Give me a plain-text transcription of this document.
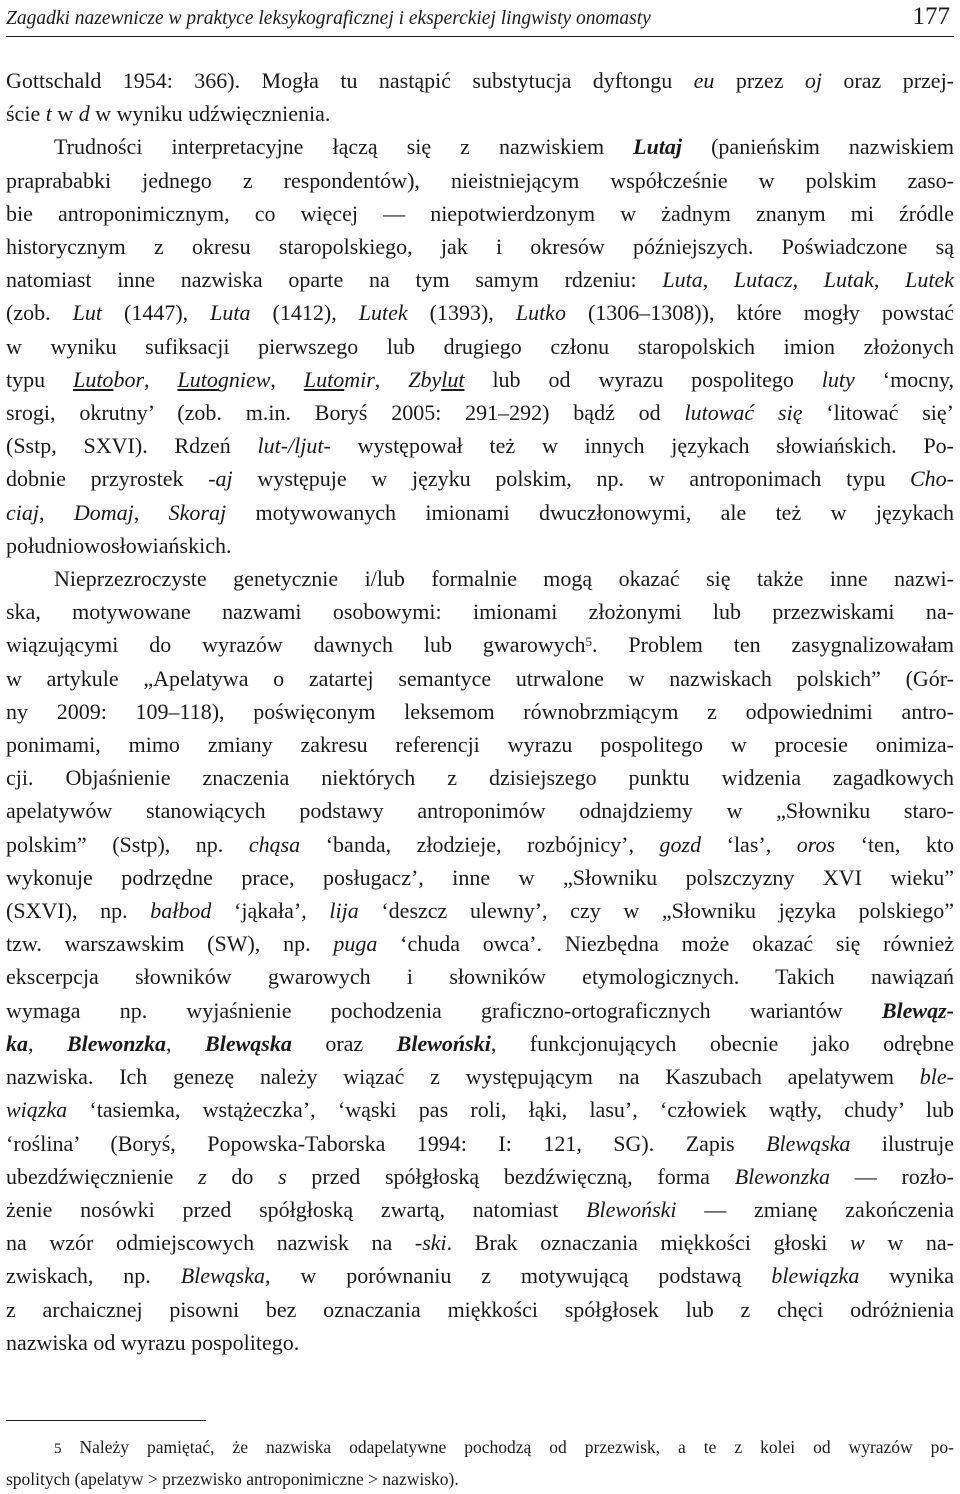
Zagadki nazewnicze w praktyce leksykograficznej i eksperckiej lingwisty onomasty	177
Gottschald 1954: 366). Mogła tu nastąpić substytucja dyftongu eu przez oj oraz przej-
ście t w d w wyniku udźwięcznienia.
Trudności interpretacyjne łączą się z nazwiskiem Lutaj (panieńskim nazwiskiem
praprababki jednego z respondentów), nieistniejącym współcześnie w polskim zaso-
bie antroponimicznym, co więcej — niepotwierdzonym w żadnym znanym mi źródle
historycznym z okresu staropolskiego, jak i okresów późniejszych. Poświadczone są
natomiast inne nazwiska oparte na tym samym rdzeniu: Luta, Lutacz, Lutak, Lutek
(zob. Lut (1447), Luta (1412), Lutek (1393), Lutko (1306–1308)), które mogły powstać
w wyniku sufiksacji pierwszego lub drugiego członu staropolskich imion złożonych
typu Lutobor, Lutogniew, Lutomir, Zbylut lub od wyrazu pospolitego luty ‘mocny,
srogi, okrutny’ (zob. m.in. Boryś 2005: 291–292) bądź od lutować się ‘litować się’
(Sstp, SXVI). Rdzeń lut-/ljut- występował też w innych językach słowiańskich. Po-
dobnie przyrostek -aj występuje w języku polskim, np. w antroponimach typu Cho-
ciaj, Domaj, Skoraj motywowanych imionami dwuczłonowymi, ale też w językach
południowosłowiańskich.
Nieprzezroczyste genetycznie i/lub formalnie mogą okazać się także inne nazwi-
ska, motywowane nazwami osobowymi: imionami złożonymi lub przezwiskami na-
wiązującymi do wyrazów dawnych lub gwarowych$^5$. Problem ten zasygnalizowałam
w artykule „Apelatywa o zatartej semantyce utrwalone w nazwiskach polskich” (Gór-
ny 2009: 109–118), poświęconym leksemom równobrzmiącym z odpowiednimi antro-
ponimami, mimo zmiany zakresu referencji wyrazu pospolitego w procesie onimiza-
cji. Objaśnienie znaczenia niektórych z dzisiejszego punktu widzenia zagadkowych
apelatywów stanowiących podstawy antroponimów odnajdziemy w „Słowniku staro-
polskim” (Sstp), np. chąsa ‘banda, złodzieje, rozbójnicy’, gozd ‘las’, oros ‘ten, kto
wykonuje podrzędne prace, posługacz’, inne w „Słowniku polszczyzny XVI wieku”
(SXVI), np. bałbod ‘jąkała’, lija ‘deszcz ulewny’, czy w „Słowniku języka polskiego”
tzw. warszawskim (SW), np. puga ‘chuda owca’. Niezbędna może okazać się również
ekscerpcja słowników gwarowych i słowników etymologicznych. Takich nawiązań
wymaga np. wyjaśnienie pochodzenia graficzno-ortograficznych wariantów Blewąz-
ka, Blewonzka, Blewąska oraz Blewoński, funkcjonujących obecnie jako odrębne
nazwiska. Ich genezę należy wiązać z występującym na Kaszubach apelatywem ble-
wiązka ‘tasiemka, wstążeczka’, ‘wąski pas roli, łąki, lasu’, ‘człowiek wątły, chudy’ lub
‘roślina’ (Boryś, Popowska-Taborska 1994: I: 121, SG). Zapis Blewąska ilustruje
ubezdźwięcznienie z do s przed spółgłoską bezdźwięczną, forma Blewonzka — rozło-
żenie nosówki przed spółgłoską zwartą, natomiast Blewoński — zmianę zakończenia
na wzór odmiejscowych nazwisk na -ski. Brak oznaczania miękkości głoski w w na-
zwiskach, np. Blewąska, w porównaniu z motywującą podstawą blewiązka wynika
z archaicznej pisowni bez oznaczania miękkości spółgłosek lub z chęci odróżnienia
nazwiska od wyrazu pospolitego.
5 Należy pamiętać, że nazwiska odapelatywne pochodzą od przezwisk, a te z kolei od wyrazów po-
spolitych (apelatyw > przezwisko antroponimiczne > nazwisko).
